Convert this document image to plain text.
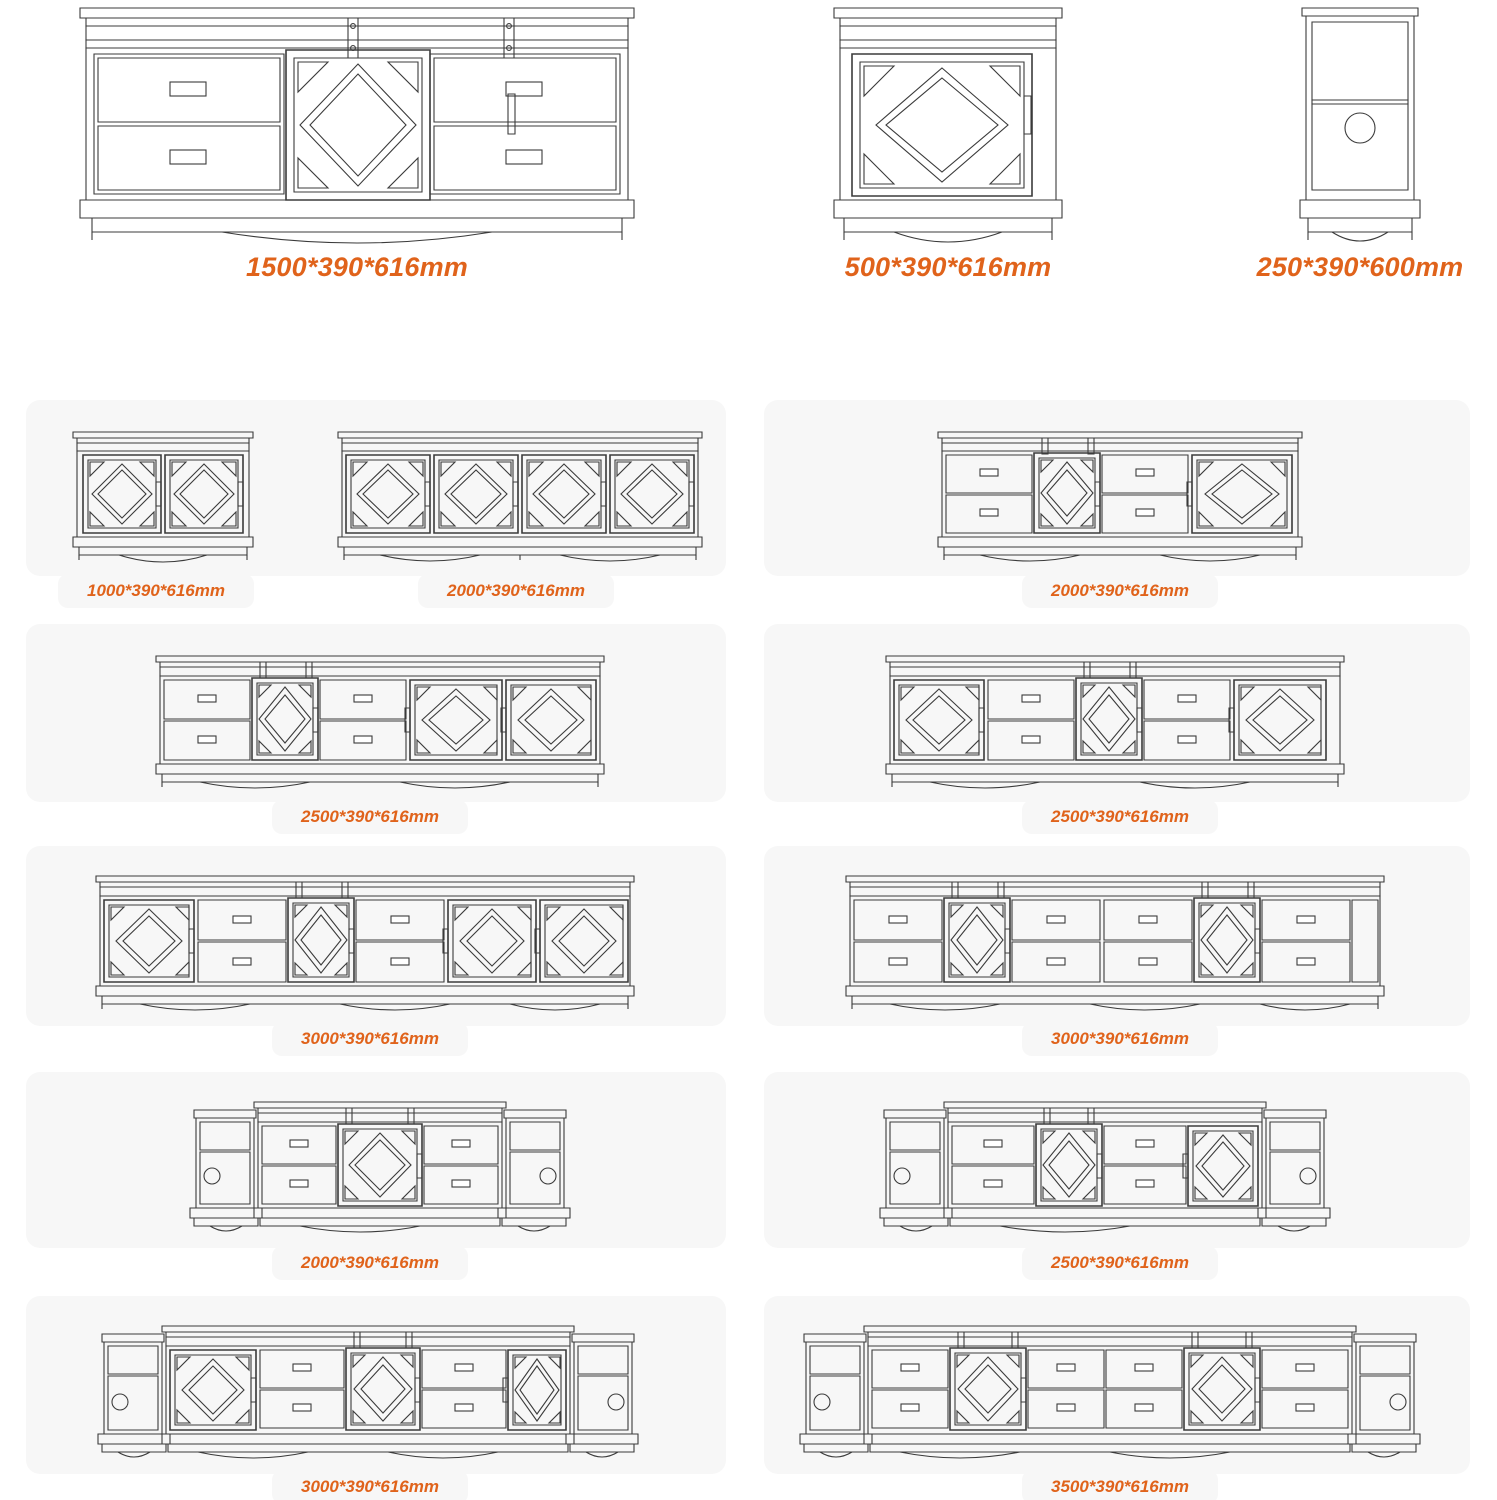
1500*390*616mm	500*390*616mm	250*390*600mm
1000*390*616mm	2000*390*616mm	2000*390*616mm
2500*390*616mm	2500*390*616mm
3000*390*616mm	3000*390*616mm
2000*390*616mm	2500*390*616mm
3000*390*616mm	3500*390*616mm
